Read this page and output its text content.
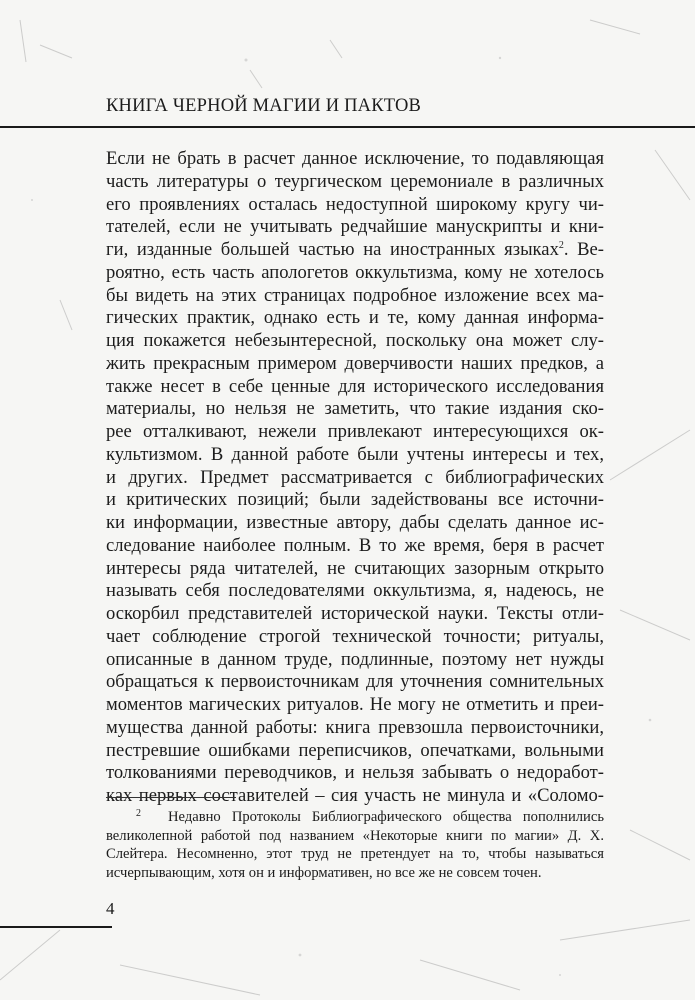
КНИГА ЧЕРНОЙ МАГИИ И ПАКТОВ
Если не брать в расчет данное исключение, то подавляющая
часть литературы о теургическом церемониале в различных
его проявлениях осталась недоступной широкому кругу чи-
тателей, если не учитывать редчайшие манускрипты и кни-
ги, изданные большей частью на иностранных языках$^2$. Ве-
роятно, есть часть апологетов оккультизма, кому не хотелось
бы видеть на этих страницах подробное изложение всех ма-
гических практик, однако есть и те, кому данная информа-
ция покажется небезынтересной, поскольку она может слу-
жить прекрасным примером доверчивости наших предков, а
также несет в себе ценные для исторического исследования
материалы, но нельзя не заметить, что такие издания ско-
рее отталкивают, нежели привлекают интересующихся ок-
культизмом. В данной работе были учтены интересы и тех,
и других. Предмет рассматривается с библиографических
и критических позиций; были задействованы все источни-
ки информации, известные автору, дабы сделать данное ис-
следование наиболее полным. В то же время, беря в расчет
интересы ряда читателей, не считающих зазорным открыто
называть себя последователями оккультизма, я, надеюсь, не
оскорбил представителей исторической науки. Тексты отли-
чает соблюдение строгой технической точности; ритуалы,
описанные в данном труде, подлинные, поэтому нет нужды
обращаться к первоисточникам для уточнения сомнительных
моментов магических ритуалов. Не могу не отметить и преи-
мущества данной работы: книга превзошла первоисточники,
пестревшие ошибками переписчиков, опечатками, вольными
толкованиями переводчиков, и нельзя забывать о недоработ-
ках первых составителей – сия участь не минула и «Соломо-
2 Недавно Протоколы Библиографического общества пополнились
великолепной работой под названием «Некоторые книги по магии» Д. Х.
Слейтера. Несомненно, этот труд не претендует на то, чтобы называться
исчерпывающим, хотя он и информативен, но все же не совсем точен.
4
